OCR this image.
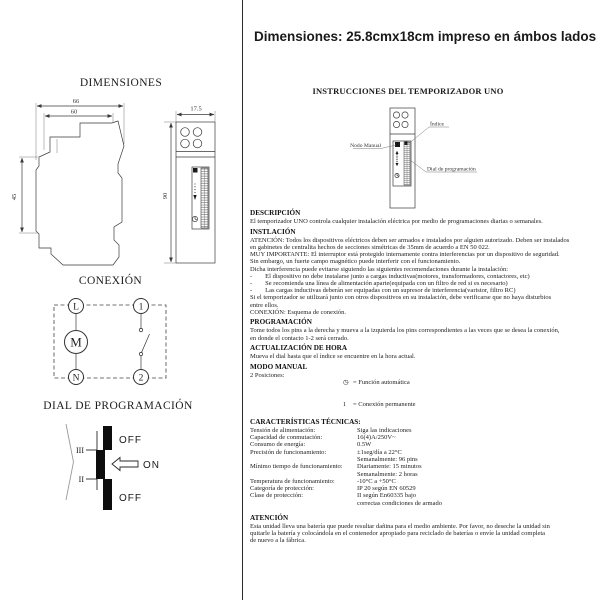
DIMENSIONES
66
60
45
17.5
90
CONEXIÓN
L	1
M
N	2
DIAL DE PROGRAMACIÓN
III
II
OFF
ON
OFF
Dimensiones: 25.8cmx18cm impreso en ámbos lados
INSTRUCCIONES DEL TEMPORIZADOR UNO
Índice
Nodo Manual
Dial de programación
DESCRIPCIÓN
El temporizador UNO controla cualquier instalación eléctrica por medio de programaciones diarias o semanales.
INSTLACIÓN
ATENCIÓN: Todos los dispositivos eléctricos deben ser armados e instalados por alguien autorizado. Deben ser instalados
en gabinetes de centralita hechos de secciones simétricas de 35mm de acuerdo a EN 50 022.
MUY IMPORTANTE: El interruptor está protegido internamente contra interferencias por un dispositivo de seguridad.
Sin embargo, un fuerte campo magnético puede interferir con el funcionamiento.
Dicha interferencia puede evitarse siguiendo las siguientes recomendaciones durante la instalación:
-        El dispositivo no debe instalarse junto a cargas inductivas(motores, transformadores, contactores, etc)
-        Se recomienda una línea de alimentación aparte(equipada con un filtro de red si es necesario)
-        Las cargas inductivas deberán ser equipadas con un supresor de interferencia(varistor, filtro RC)
Si el temporizador se utilizará junto con otros dispositivos en su instalación, debe verificarse que no haya disturbios
entre ellos.
CONEXIÓN: Esquema de conexión.
PROGRAMACIÓN
Tome todos los pins a la derecha y mueva a la izquierda los pins correspondientes a las veces que se desea la conexión,
en donde el contacto 1-2 será cerrado.
ACTUALIZACIÓN DE HORA
Mueva el dial hasta que el índice se encuentre en la hora actual.
MODO MANUAL
2 Posiciones:

◷ = Función automática

1 = Conexión permanente

CARACTERÍSTICAS TÉCNICAS:
Tensión de alimentación:	Siga las indicaciones
Capacidad de conmutación:	16(4)A/250V~
Consumo de energía:	0.5W
Precisión de funcionamiento:	±1seg/día a 22°C
Semanalmente: 96 pins
Mínimo tiempo de funcionamiento:	Diariamente: 15 minutos
Semanalmente: 2 horas
Temperatura de funcionamiento:	-10°C a +50°C
Categoría de protección:	IP 20 según EN 60529
Clase de protección:	II según En60335 bajo
correctas condiciones de armado
ATENCIÓN
Esta unidad lleva una batería que puede resultar dañina para el medio ambiente. Por favor, no deseche la unidad sin
quitarle la batería y colocándola en el contenedor apropiado para reciclado de baterías o envíe la unidad completa
de nuevo a la fábrica.
